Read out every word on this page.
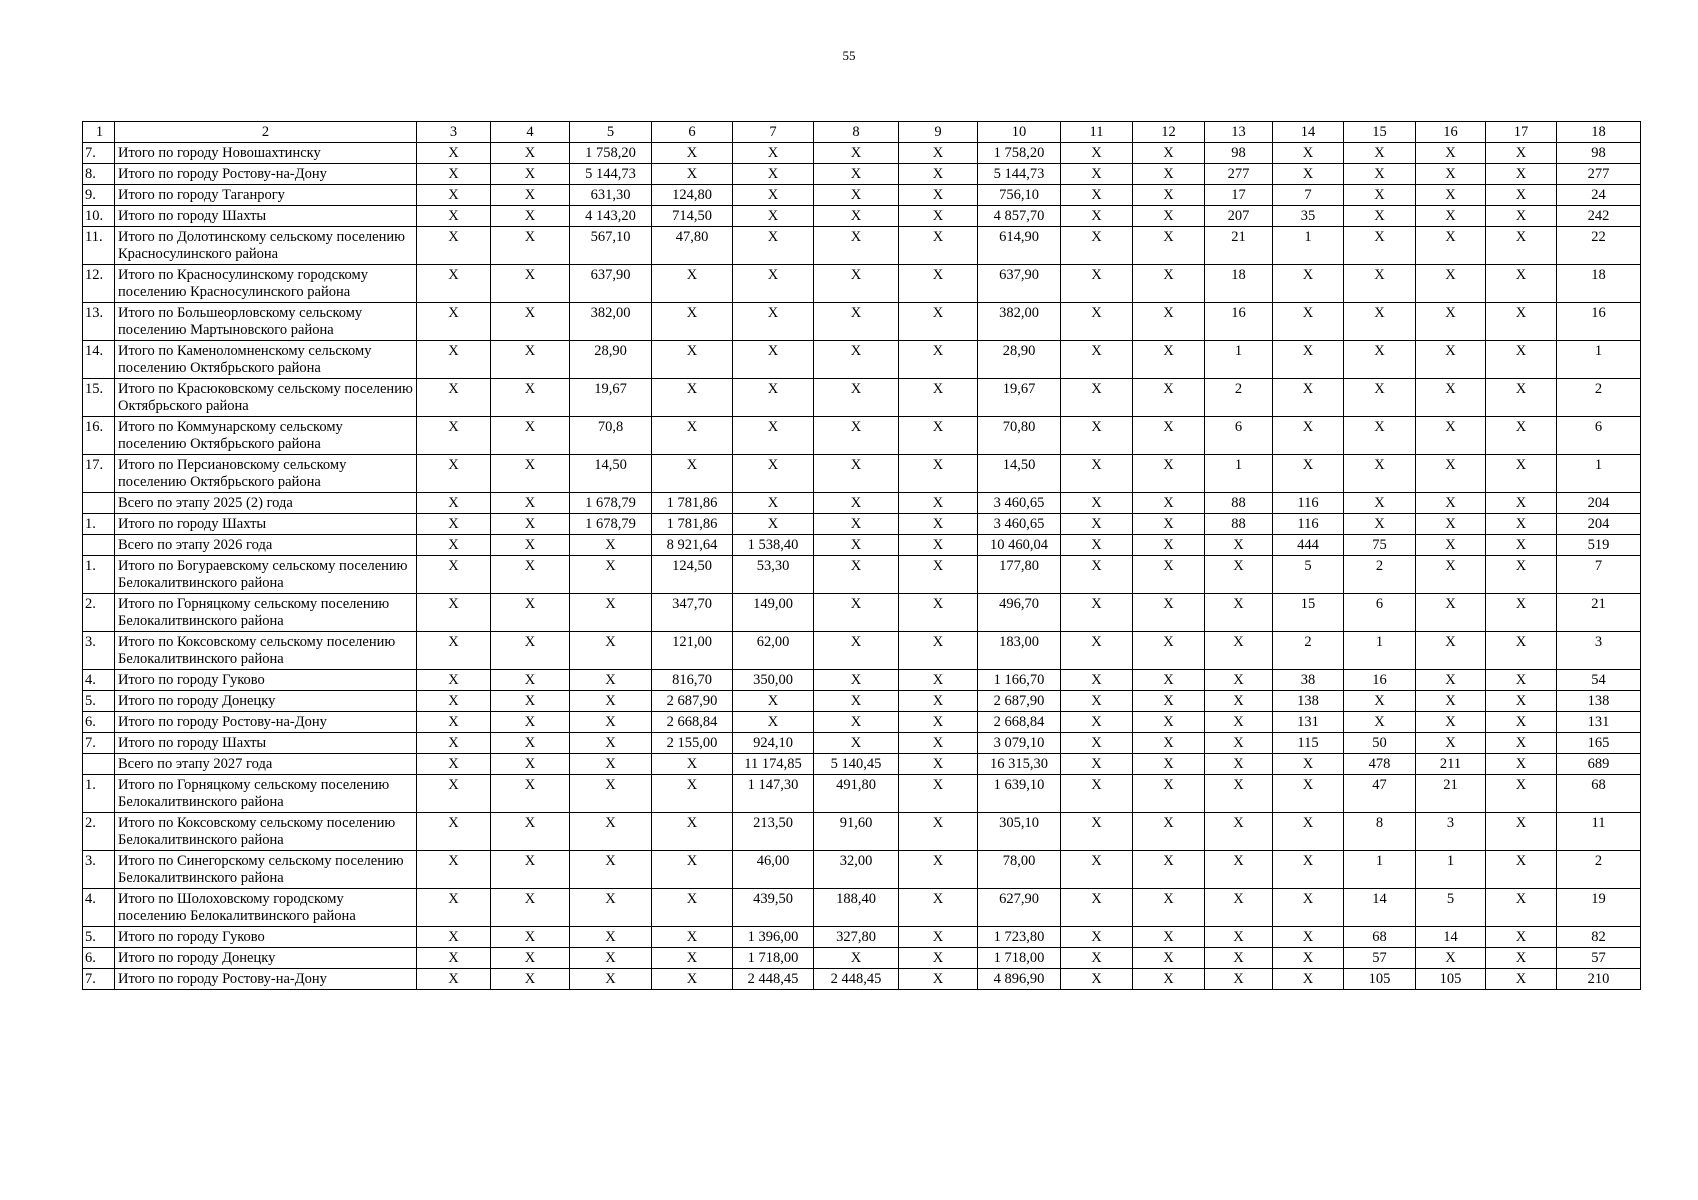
55
1	2	3	4	5	6	7	8	9	10	11	12	13	14	15	16	17	18
7.	Итого по городу Новошахтинску	X	X	1 758,20	X	X	X	X	1 758,20	X	X	98	X	X	X	X	98
8.	Итого по городу Ростову-на-Дону	X	X	5 144,73	X	X	X	X	5 144,73	X	X	277	X	X	X	X	277
9.	Итого по городу Таганрогу	X	X	631,30	124,80	X	X	X	756,10	X	X	17	7	X	X	X	24
10.	Итого по городу Шахты	X	X	4 143,20	714,50	X	X	X	4 857,70	X	X	207	35	X	X	X	242
11.	Итого по Долотинскому сельскому поселению Красносулинского района	X	X	567,10	47,80	X	X	X	614,90	X	X	21	1	X	X	X	22
12.	Итого по Красносулинскому городскому поселению Красносулинского района	X	X	637,90	X	X	X	X	637,90	X	X	18	X	X	X	X	18
13.	Итого по Большеорловскому сельскому поселению Мартыновского района	X	X	382,00	X	X	X	X	382,00	X	X	16	X	X	X	X	16
14.	Итого по Каменоломненскому сельскому поселению Октябрьского района	X	X	28,90	X	X	X	X	28,90	X	X	1	X	X	X	X	1
15.	Итого по Красюковскому сельскому поселению Октябрьского района	X	X	19,67	X	X	X	X	19,67	X	X	2	X	X	X	X	2
16.	Итого по Коммунарскому сельскому поселению Октябрьского района	X	X	70,8	X	X	X	X	70,80	X	X	6	X	X	X	X	6
17.	Итого по Персиановскому сельскому поселению Октябрьского района	X	X	14,50	X	X	X	X	14,50	X	X	1	X	X	X	X	1
	Всего по этапу 2025 (2) года	X	X	1 678,79	1 781,86	X	X	X	3 460,65	X	X	88	116	X	X	X	204
1.	Итого по городу Шахты	X	X	1 678,79	1 781,86	X	X	X	3 460,65	X	X	88	116	X	X	X	204
	Всего по этапу 2026 года	X	X	X	8 921,64	1 538,40	X	X	10 460,04	X	X	X	444	75	X	X	519
1.	Итого по Богураевскому сельскому поселению Белокалитвинского района	X	X	X	124,50	53,30	X	X	177,80	X	X	X	5	2	X	X	7
2.	Итого по Горняцкому сельскому поселению Белокалитвинского района	X	X	X	347,70	149,00	X	X	496,70	X	X	X	15	6	X	X	21
3.	Итого по Коксовскому сельскому поселению Белокалитвинского района	X	X	X	121,00	62,00	X	X	183,00	X	X	X	2	1	X	X	3
4.	Итого по городу Гуково	X	X	X	816,70	350,00	X	X	1 166,70	X	X	X	38	16	X	X	54
5.	Итого по городу Донецку	X	X	X	2 687,90	X	X	X	2 687,90	X	X	X	138	X	X	X	138
6.	Итого по городу Ростову-на-Дону	X	X	X	2 668,84	X	X	X	2 668,84	X	X	X	131	X	X	X	131
7.	Итого по городу Шахты	X	X	X	2 155,00	924,10	X	X	3 079,10	X	X	X	115	50	X	X	165
	Всего по этапу 2027 года	X	X	X	X	11 174,85	5 140,45	X	16 315,30	X	X	X	X	478	211	X	689
1.	Итого по Горняцкому сельскому поселению Белокалитвинского района	X	X	X	X	1 147,30	491,80	X	1 639,10	X	X	X	X	47	21	X	68
2.	Итого по Коксовскому сельскому поселению Белокалитвинского района	X	X	X	X	213,50	91,60	X	305,10	X	X	X	X	8	3	X	11
3.	Итого по Синегорскому сельскому поселению Белокалитвинского района	X	X	X	X	46,00	32,00	X	78,00	X	X	X	X	1	1	X	2
4.	Итого по Шолоховскому городскому поселению Белокалитвинского района	X	X	X	X	439,50	188,40	X	627,90	X	X	X	X	14	5	X	19
5.	Итого по городу Гуково	X	X	X	X	1 396,00	327,80	X	1 723,80	X	X	X	X	68	14	X	82
6.	Итого по городу Донецку	X	X	X	X	1 718,00	X	X	1 718,00	X	X	X	X	57	X	X	57
7.	Итого по городу Ростову-на-Дону	X	X	X	X	2 448,45	2 448,45	X	4 896,90	X	X	X	X	105	105	X	210
